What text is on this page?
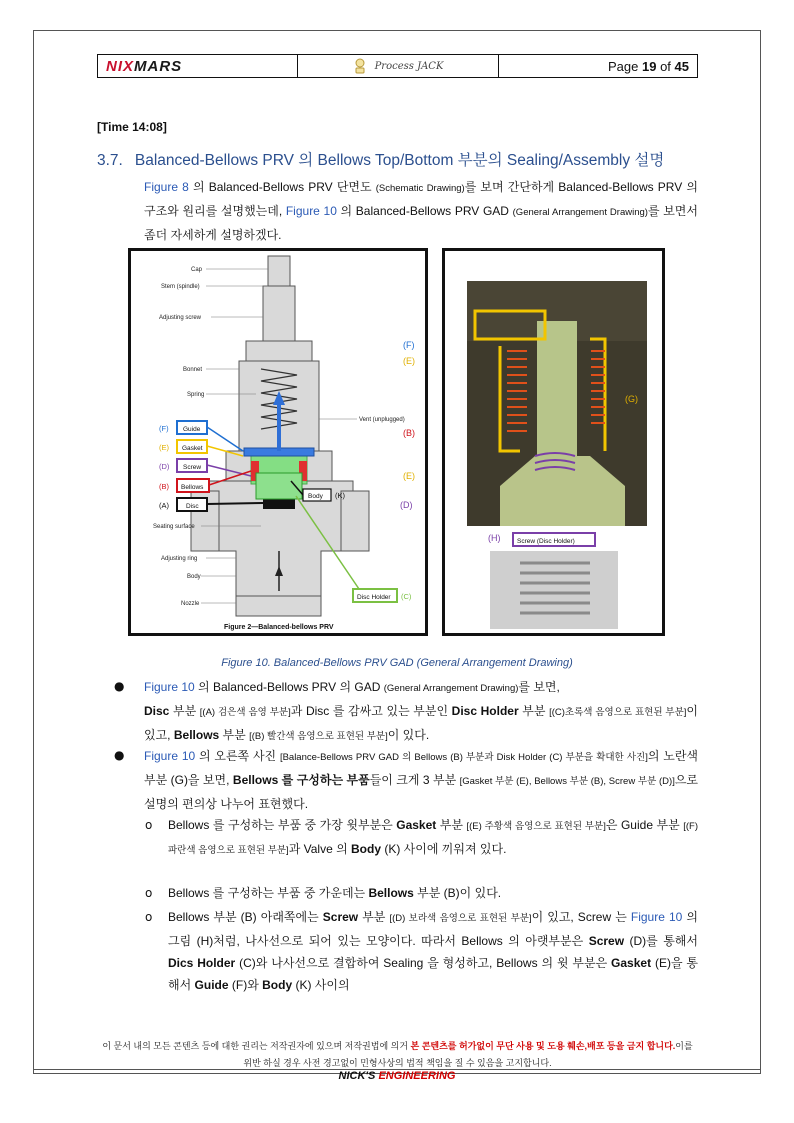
NIXMARS	Process JACK	Page 19 of 45
[Time 14:08]
3.7. Balanced-Bellows PRV 의 Bellows Top/Bottom 부분의 Sealing/Assembly 설명
Figure 8 의 Balanced-Bellows PRV 단면도 (Schematic Drawing)를 보며 간단하게 Balanced-Bellows PRV 의 구조와 원리를 설명했는데, Figure 10 의 Balanced-Bellows PRV GAD (General Arrangement Drawing)를 보면서 좀더 자세하게 설명하겠다.
Cap
Stem (spindle)
Adjusting screw
Bonnet
Spring
Vent (unplugged)
Seating surface
Adjusting ring
Body
Nozzle
(F) Guide
(E) Gasket
(D) Screw
(B) Bellows
(A)	Disc
Body (K)
Disc Holder (C)
Figure 2—Balanced-bellows PRV
Screw (Disc Holder)
(F)
(E)
(B)
(E)
(D)
(G)
(H)
Figure 10. Balanced-Bellows PRV GAD (General Arrangement Drawing)
● Figure 10 의 Balanced-Bellows PRV 의 GAD (General Arrangement Drawing)를 보면,
Disc 부분 [(A) 검은색 음영 부분]과 Disc 를 감싸고 있는 부분인 Disc Holder 부분 [(C)초록색 음영으로 표현된 부분]이 있고, Bellows 부분 [(B) 빨간색 음영으로 표현된 부분]이 있다.
● Figure 10 의 오른쪽 사진 [Balance-Bellows PRV GAD 의 Bellows (B) 부분과 Disk Holder (C) 부분을 확대한 사진]의 노란색 부분 (G)을 보면, Bellows 를 구성하는 부품들이 크게 3 부분 [Gasket 부분 (E), Bellows 부분 (B), Screw 부분 (D)]으로 설명의 편의상 나누어 표현했다.
o Bellows 를 구성하는 부품 중 가장 윗부분은 Gasket 부분 [(E) 주황색 음영으로 표현된 부분]은 Guide 부분 [(F) 파란색 음영으로 표현된 부분]과 Valve 의 Body (K) 사이에 끼워져 있다.
o Bellows 를 구성하는 부품 중 가운데는 Bellows 부분 (B)이 있다.
o Bellows 부분 (B) 아래쪽에는 Screw 부분 [(D) 보라색 음영으로 표현된 부분]이 있고, Screw 는 Figure 10 의 그림 (H)처럼, 나사선으로 되어 있는 모양이다. 따라서 Bellows 의 아랫부분은 Screw (D)를 통해서 Dics Holder (C)와 나사선으로 결합하여 Sealing 을 형성하고, Bellows 의 윗 부분은 Gasket (E)을 통해서 Guide (F)와 Body (K) 사이의
이 문서 내의 모든 콘텐츠 등에 대한 권리는 저작권자에 있으며 저작권법에 의거 본 콘텐츠를 허가없이 무단 사용 및 도용 훼손,배포 등을 금지 합니다.이를 위반 하실 경우 사전 경고없이 민형사상의 법적 책임을 질 수 있음을 고지합니다.
NICK'S ENGINEERING
